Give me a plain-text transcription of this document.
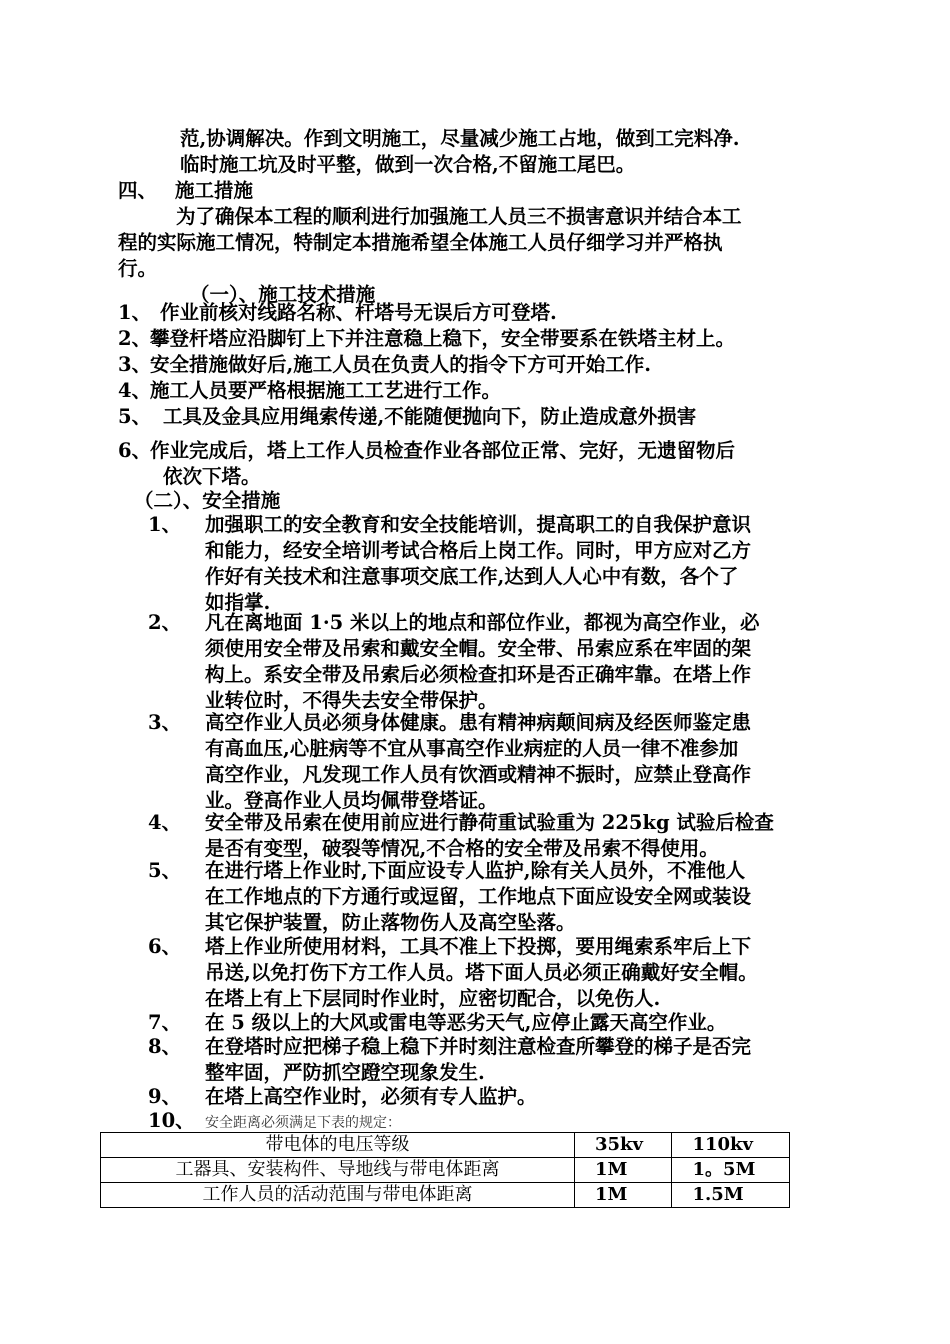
范,协调解决。作到文明施工，尽量减少施工占地，做到工完料净.
临时施工坑及时平整，做到一次合格,不留施工尾巴。
四、 施工措施
为了确保本工程的顺利进行加强施工人员三不损害意识并结合本工
程的实际施工情况，特制定本措施希望全体施工人员仔细学习并严格执
行。
（一）、施工技术措施
1、 作业前核对线路名称、杆塔号无误后方可登塔.
2、
攀登杆塔应沿脚钉上下并注意稳上稳下，安全带要系在铁塔主材上。
3、
安全措施做好后,施工人员在负责人的指令下方可开始工作.
4、
施工人员要严格根据施工工艺进行工作。
5、 工具及金具应用绳索传递,不能随便抛向下，防止造成意外损害
6、
作业完成后，塔上工作人员检查作业各部位正常、完好，无遗留物后
依次下塔。
（二）、安全措施
1、 加强职工的安全教育和安全技能培训，提高职工的自我保护意识
和能力，经安全培训考试合格后上岗工作。同时，甲方应对乙方
作好有关技术和注意事项交底工作,达到人人心中有数，各个了
如指掌.
2、 凡在离地面 1·5 米以上的地点和部位作业，都视为高空作业，必
须使用安全带及吊索和戴安全帽。安全带、吊索应系在牢固的架
构上。系安全带及吊索后必须检查扣环是否正确牢靠。在塔上作
业转位时，不得失去安全带保护。
3、 高空作业人员必须身体健康。患有精神病颠间病及经医师鉴定患
有高血压,心脏病等不宜从事高空作业病症的人员一律不准参加
高空作业，凡发现工作人员有饮酒或精神不振时，应禁止登高作
业。登高作业人员均佩带登塔证。
4、 安全带及吊索在使用前应进行静荷重试验重为 225kg 试验后检查
是否有变型，破裂等情况,不合格的安全带及吊索不得使用。
5、 在进行塔上作业时,下面应设专人监护,除有关人员外，不准他人
在工作地点的下方通行或逗留，工作地点下面应设安全网或装设
其它保护装置，防止落物伤人及高空坠落。
6、 塔上作业所使用材料，工具不准上下投掷，要用绳索系牢后上下
吊送,以免打伤下方工作人员。塔下面人员必须正确戴好安全帽。
在塔上有上下层同时作业时，应密切配合，以免伤人.
7、 在 5 级以上的大风或雷电等恶劣天气,应停止露天高空作业。
8、 在登塔时应把梯子稳上稳下并时刻注意检查所攀登的梯子是否完
整牢固，严防抓空蹬空现象发生.
9、 在塔上高空作业时，必须有专人监护。
10、 安全距离必须满足下表的规定：
带电体的电压等级	35kv	110kv
工器具、安装构件、导地线与带电体距离	1M	1。5M
工作人员的活动范围与带电体距离	1M	1.5M
